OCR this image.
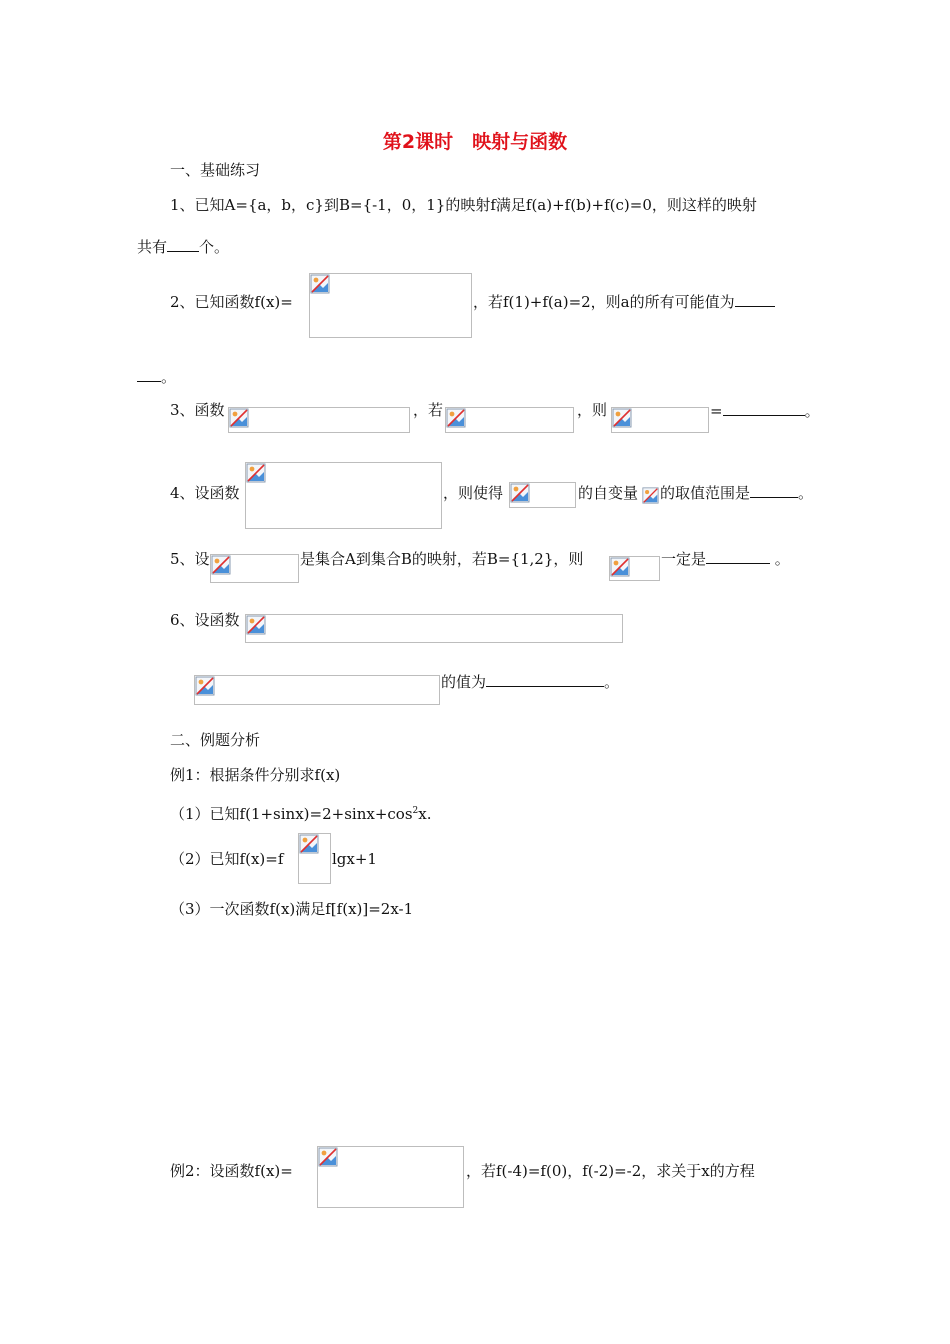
第2课时　映射与函数
一、基础练习
1、已知A={a，b，c}到B={-1，0，1}的映射f满足f(a)+f(b)+f(c)=0，则这样的映射
共有 个。
2、已知函数f(x)=	，若f(1)+f(a)=2，则a的所有可能值为
。
3、函数	，若	，则	=	。
4、设函数	，则使得	的自变量 的取值范围是	。
5、设	是集合A到集合B的映射，若B={1,2}，则	一定是	。
6、设函数
的值为	。
二、例题分析
例1：根据条件分别求f(x)
（1）已知$f(1+\sin x)=2+\sin x+\cos^2x$.
（2）已知f(x)=f	lgx+1
（3）一次函数f(x)满足f[f(x)]=2x-1
例2：设函数f(x)=	，若f(-4)=f(0)，f(-2)=-2，求关于x的方程
